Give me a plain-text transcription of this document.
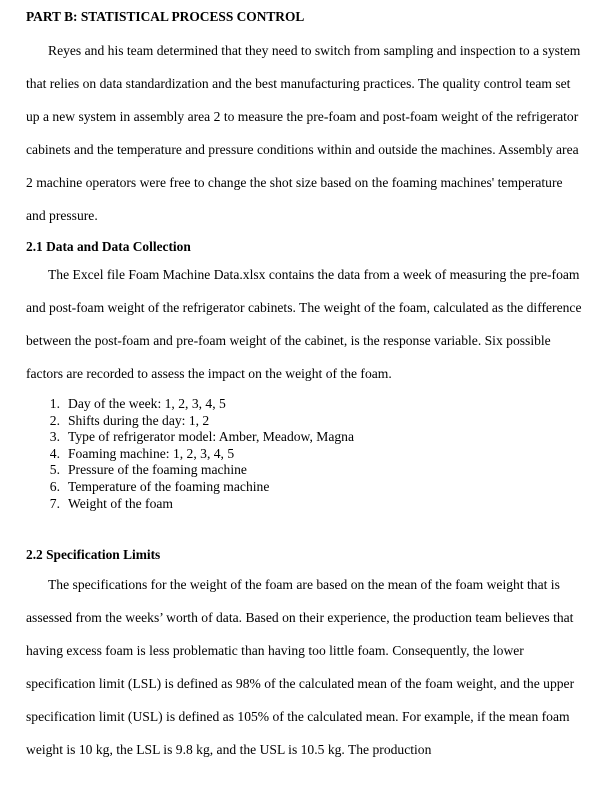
PART B: STATISTICAL PROCESS CONTROL

Reyes and his team determined that they need to switch from sampling and inspection to a system that relies on data standardization and the best manufacturing practices. The quality control team set up a new system in assembly area 2 to measure the pre-foam and post-foam weight of the refrigerator cabinets and the temperature and pressure conditions within and outside the machines. Assembly area 2 machine operators were free to change the shot size based on the foaming machines' temperature and pressure.

2.1 Data and Data Collection

The Excel file Foam Machine Data.xlsx contains the data from a week of measuring the pre-foam and post-foam weight of the refrigerator cabinets. The weight of the foam, calculated as the difference between the post-foam and pre-foam weight of the cabinet, is the response variable. Six possible factors are recorded to assess the impact on the weight of the foam.

1. Day of the week: 1, 2, 3, 4, 5
2. Shifts during the day: 1, 2
3. Type of refrigerator model: Amber, Meadow, Magna
4. Foaming machine: 1, 2, 3, 4, 5
5. Pressure of the foaming machine
6. Temperature of the foaming machine
7. Weight of the foam
2.2 Specification Limits

The specifications for the weight of the foam are based on the mean of the foam weight that is assessed from the weeks’ worth of data. Based on their experience, the production team believes that having excess foam is less problematic than having too little foam. Consequently, the lower specification limit (LSL) is defined as 98% of the calculated mean of the foam weight, and the upper specification limit (USL) is defined as 105% of the calculated mean. For example, if the mean foam weight is 10 kg, the LSL is 9.8 kg, and the USL is 10.5 kg. The production
